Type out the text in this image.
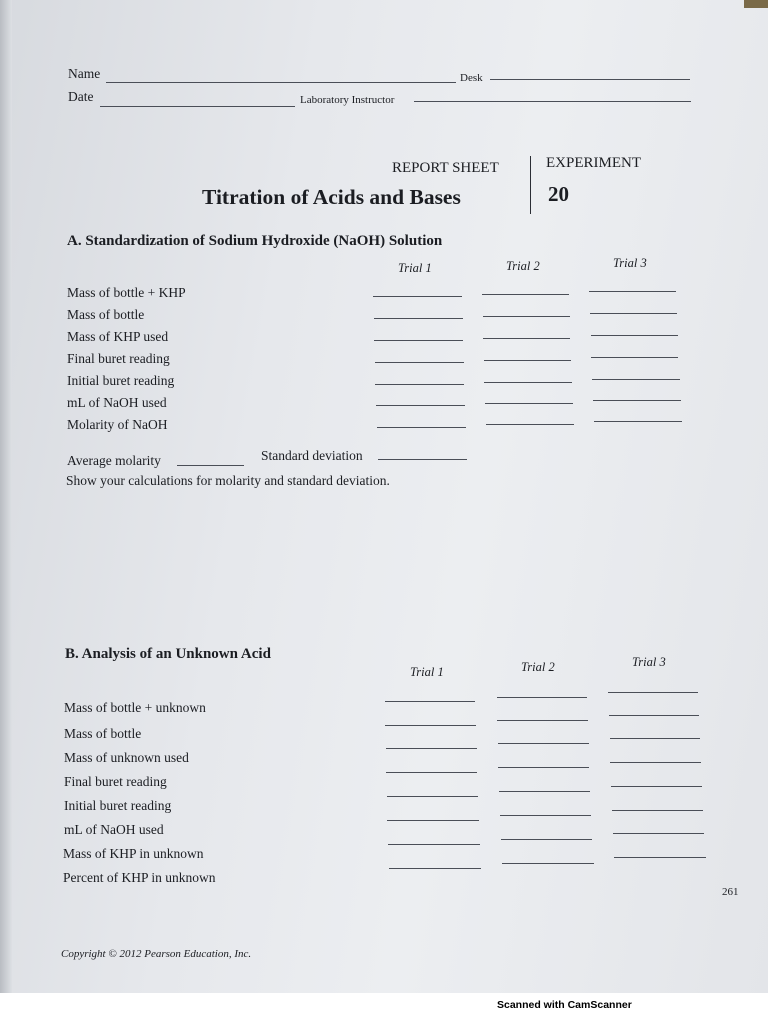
Name	Desk
Date	Laboratory Instructor
REPORT SHEET	EXPERIMENT
Titration of Acids and Bases	20
A. Standardization of Sodium Hydroxide (NaOH) Solution
Trial 1	Trial 2	Trial 3
Mass of bottle + KHP
Mass of bottle
Mass of KHP used
Final buret reading
Initial buret reading
mL of NaOH used
Molarity of NaOH
Average molarity	Standard deviation
Show your calculations for molarity and standard deviation.
B. Analysis of an Unknown Acid
Trial 1	Trial 2	Trial 3
Mass of bottle + unknown
Mass of bottle
Mass of unknown used
Final buret reading
Initial buret reading
mL of NaOH used
Mass of KHP in unknown
Percent of KHP in unknown
261
Copyright © 2012 Pearson Education, Inc.
Scanned with CamScanner
